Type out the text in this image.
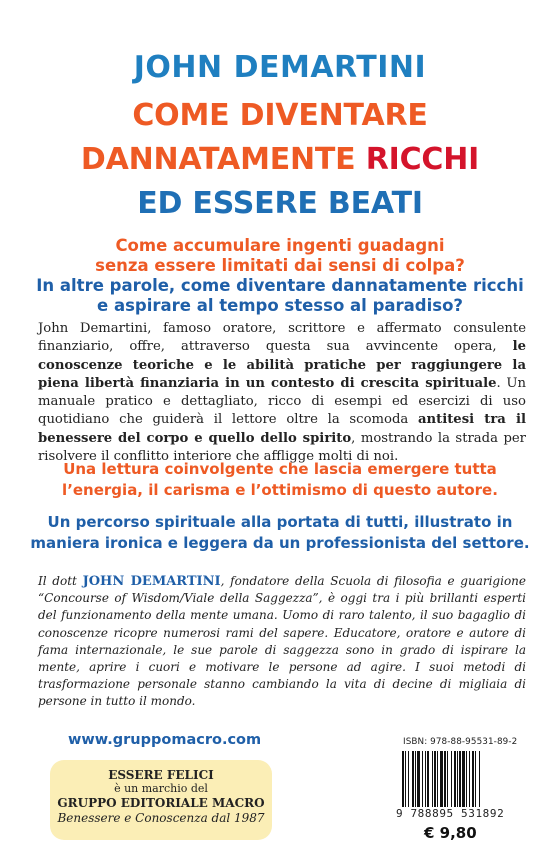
JOHN DEMARTINI
COME DIVENTARE
DANNATAMENTE RICCHI
ED ESSERE BEATI
Come accumulare ingenti guadagni
senza essere limitati dai sensi di colpa?
In altre parole, come diventare dannatamente ricchi
e aspirare al tempo stesso al paradiso?
John Demartini, famoso oratore, scrittore e affermato consulente finanziario, offre, attraverso questa sua avvincente opera, le conoscenze teoriche e le abilità pratiche per raggiungere la piena libertà finanziaria in un contesto di crescita spirituale. Un manuale pratico e dettagliato, ricco di esempi ed esercizi di uso quotidiano che guiderà il lettore oltre la scomoda antitesi tra il benessere del corpo e quello dello spirito, mostrando la strada per risolvere il conflitto interiore che affligge molti di noi.
Una lettura coinvolgente che lascia emergere tutta
l’energia, il carisma e l’ottimismo di questo autore.
Un percorso spirituale alla portata di tutti, illustrato in
maniera ironica e leggera da un professionista del settore.
Il dott JOHN DEMARTINI, fondatore della Scuola di filosofia e guarigione “Concourse of Wisdom/Viale della Saggezza”, è oggi tra i più brillanti esperti del funzionamento della mente umana. Uomo di raro talento, il suo bagaglio di conoscenze ricopre numerosi rami del sapere. Educatore, oratore e autore di fama internazionale, le sue parole di saggezza sono in grado di ispirare la mente, aprire i cuori e motivare le persone ad agire. I suoi metodi di trasformazione personale stanno cambiando la vita di decine di migliaia di persone in tutto il mondo.
www.gruppomacro.com
ESSERE FELICI
è un marchio del
GRUPPO EDITORIALE MACRO
Benessere e Conoscenza dal 1987
ISBN: 978-88-95531-89-2
9 788895 531892
€ 9,80
